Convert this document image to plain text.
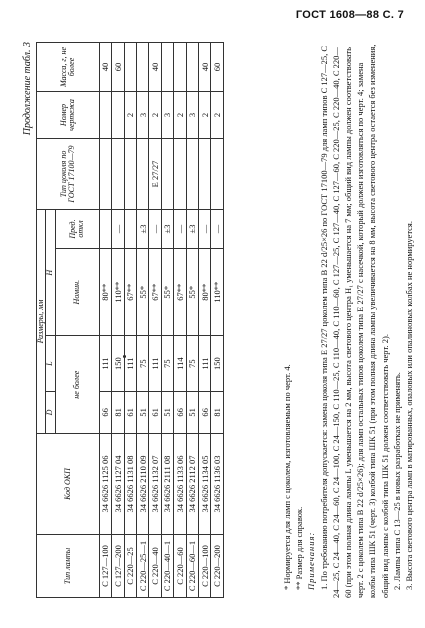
ГОСТ 1608—88 С. 7
Продолжение табл. 3
Тип лампы	Код ОКП	Размеры, мм				Тип цоколя по ГОСТ 17100—79	Номер чертежа	Масса, г, не более
		D	L	H				
		не более		Номин.	Пред. откл			
С 127—100	34 6626 1125 06	66	111	80**				40
С 127—200	34 6626 1127 04	81	150	110**	—			60
С 220—25	34 6626 1131 08	61	111	67**			2	
С 220—25—1	34 6626 2110 09	51	75	55*	±3		3	
С 220—40	34 6626 1132 07	61	111	67**	—	Е 27/27	2	40
С 220—40—1	34 6626 2111 08	51	75	55*	±3		3	
С 220—60	34 6626 1133 06	66	114	67**	—		2	
С 220—60—1	34 6626 2112 07	51	75	55*	±3		3	
С 220—100	34 6626 1134 05	66	111	80**	—		2	40
С 220—200	34 6626 1136 03	81	150	110**	—		2	60

* Нормируется для ламп с цоколем, изготовляемым по черт. 4. ** Размер для справок. Примечания: 1. По требованию потребителя допускается: замена цоколя типа Е 27/27 цоколем типа В 22 d/25×26 по ГОСТ 17100—79 для ламп типов С 127—25, С 24—25, С 24—40, С 24—60, С 24—100, С 24—150, С 110—25, С 110—40, С 110—60, С 127—25, С 127—40, С 127—60, С 220—25, С 220—40, С 220—60 (при этом полная длина лампы L уменьшается на 2 мм, высота светового центра H₁ уменьшается на 7 мм; общий вид лампы должен соответствовать черт. 2 с цоколем типа В 22 d/25×26); для ламп остальных типов цоколем типа Е 27/27 с насечкой, который должен изготовляться по черт. 4; замена колбы типа ШК 51 (черт. 3) колбой типа ШК 51 (при этом полная длина лампы увеличивается на 8 мм, высота светового центра остается без изменения, общий вид лампы с колбой типа ШК 51 должен соответствовать черт. 2). 2. Лампы типа С 13—25 в новых разработках не применять. 3. Высота светового центра ламп в матированных, опаловых или опалиновых колбах не нормируется.
